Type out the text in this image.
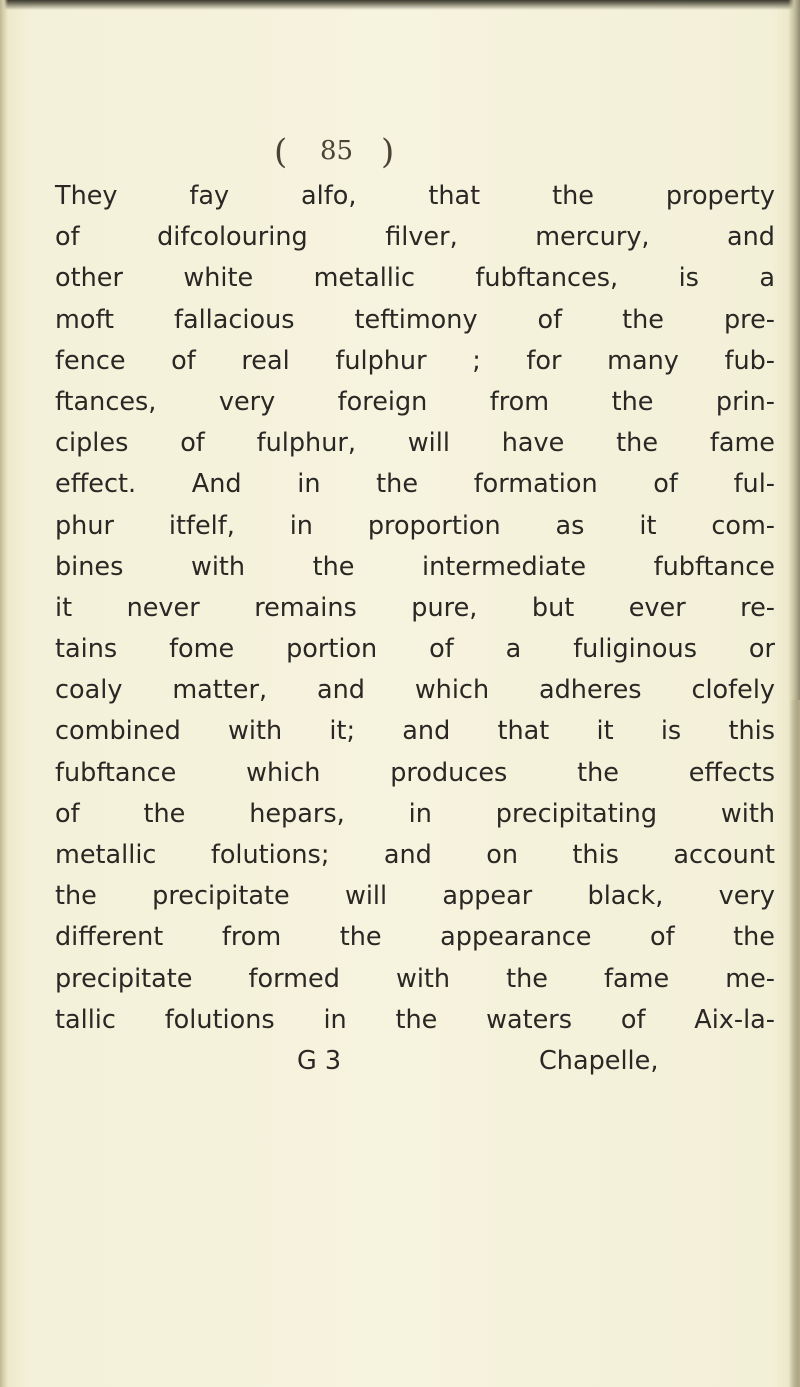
( 85 )
They fay alfo, that the property
of difcolouring filver, mercury, and
other white metallic fubftances, is a
moft fallacious teftimony of the pre-
fence of real fulphur ; for many fub-
ftances, very foreign from the prin-
ciples of fulphur, will have the fame
effect. And in the formation of ful-
phur itfelf, in proportion as it com-
bines with the intermediate fubftance
it never remains pure, but ever re-
tains fome portion of a fuliginous or
coaly matter, and which adheres clofely
combined with it; and that it is this
fubftance which produces the effects
of the hepars, in precipitating with
metallic folutions; and on this account
the precipitate will appear black, very
different from the appearance of the
precipitate formed with the fame me-
tallic folutions in the waters of Aix-la-
G 3	Chapelle,
